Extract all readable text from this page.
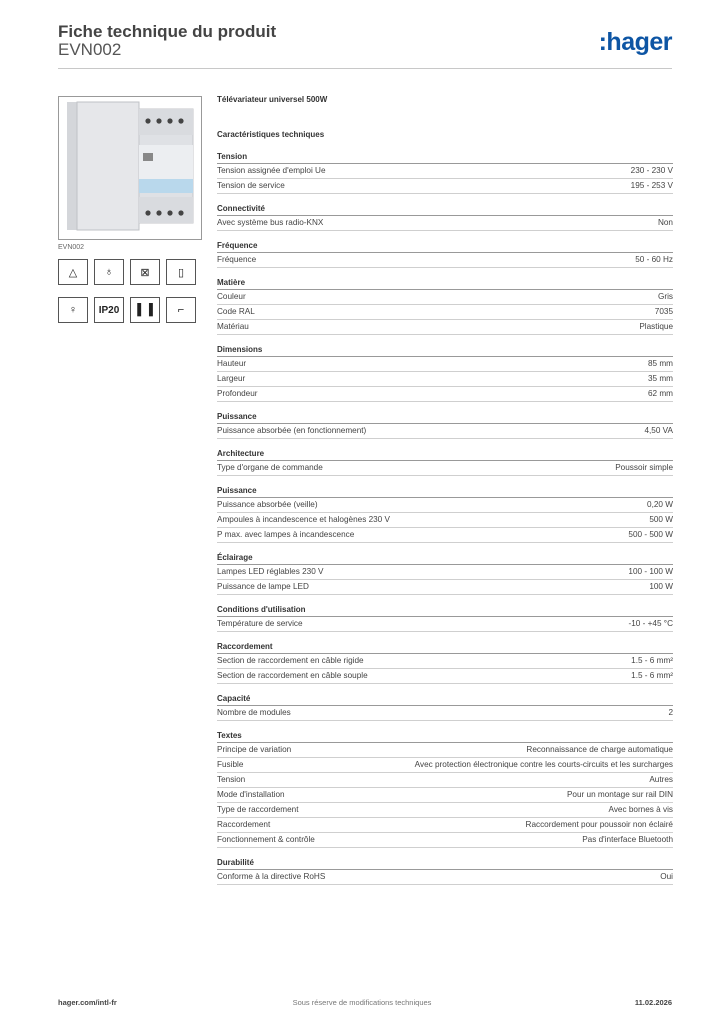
Fiche technique du produit
EVN002	:hager
EVN002
△	♁	⊠	▯
♀	IP20	▌▐	⌐
Télévariateur universel 500W
Caractéristiques techniques
Tension
Tension assignée d'emploi Ue	230 - 230 V
Tension de service	195 - 253 V
Connectivité
Avec système bus radio-KNX	Non
Fréquence
Fréquence	50 - 60 Hz
Matière
Couleur	Gris
Code RAL	7035
Matériau	Plastique
Dimensions
Hauteur	85 mm
Largeur	35 mm
Profondeur	62 mm
Puissance
Puissance absorbée (en fonctionnement)	4,50 VA
Architecture
Type d'organe de commande	Poussoir simple
Puissance
Puissance absorbée (veille)	0,20 W
Ampoules à incandescence et halogènes 230 V	500 W
P max. avec lampes à incandescence	500 - 500 W
Éclairage
Lampes LED réglables 230 V	100 - 100 W
Puissance de lampe LED	100 W
Conditions d'utilisation
Température de service	-10 - +45 °C
Raccordement
Section de raccordement en câble rigide	1.5 - 6 mm²
Section de raccordement en câble souple	1.5 - 6 mm²
Capacité
Nombre de modules	2
Textes
Principe de variation	Reconnaissance de charge automatique
Fusible	Avec protection électronique contre les courts-circuits et les surcharges
Tension	Autres
Mode d'installation	Pour un montage sur rail DIN
Type de raccordement	Avec bornes à vis
Raccordement	Raccordement pour poussoir non éclairé
Fonctionnement & contrôle	Pas d'interface Bluetooth
Durabilité
Conforme à la directive RoHS	Oui
hager.com/intl-fr	Sous réserve de modifications techniques	11.02.2026
